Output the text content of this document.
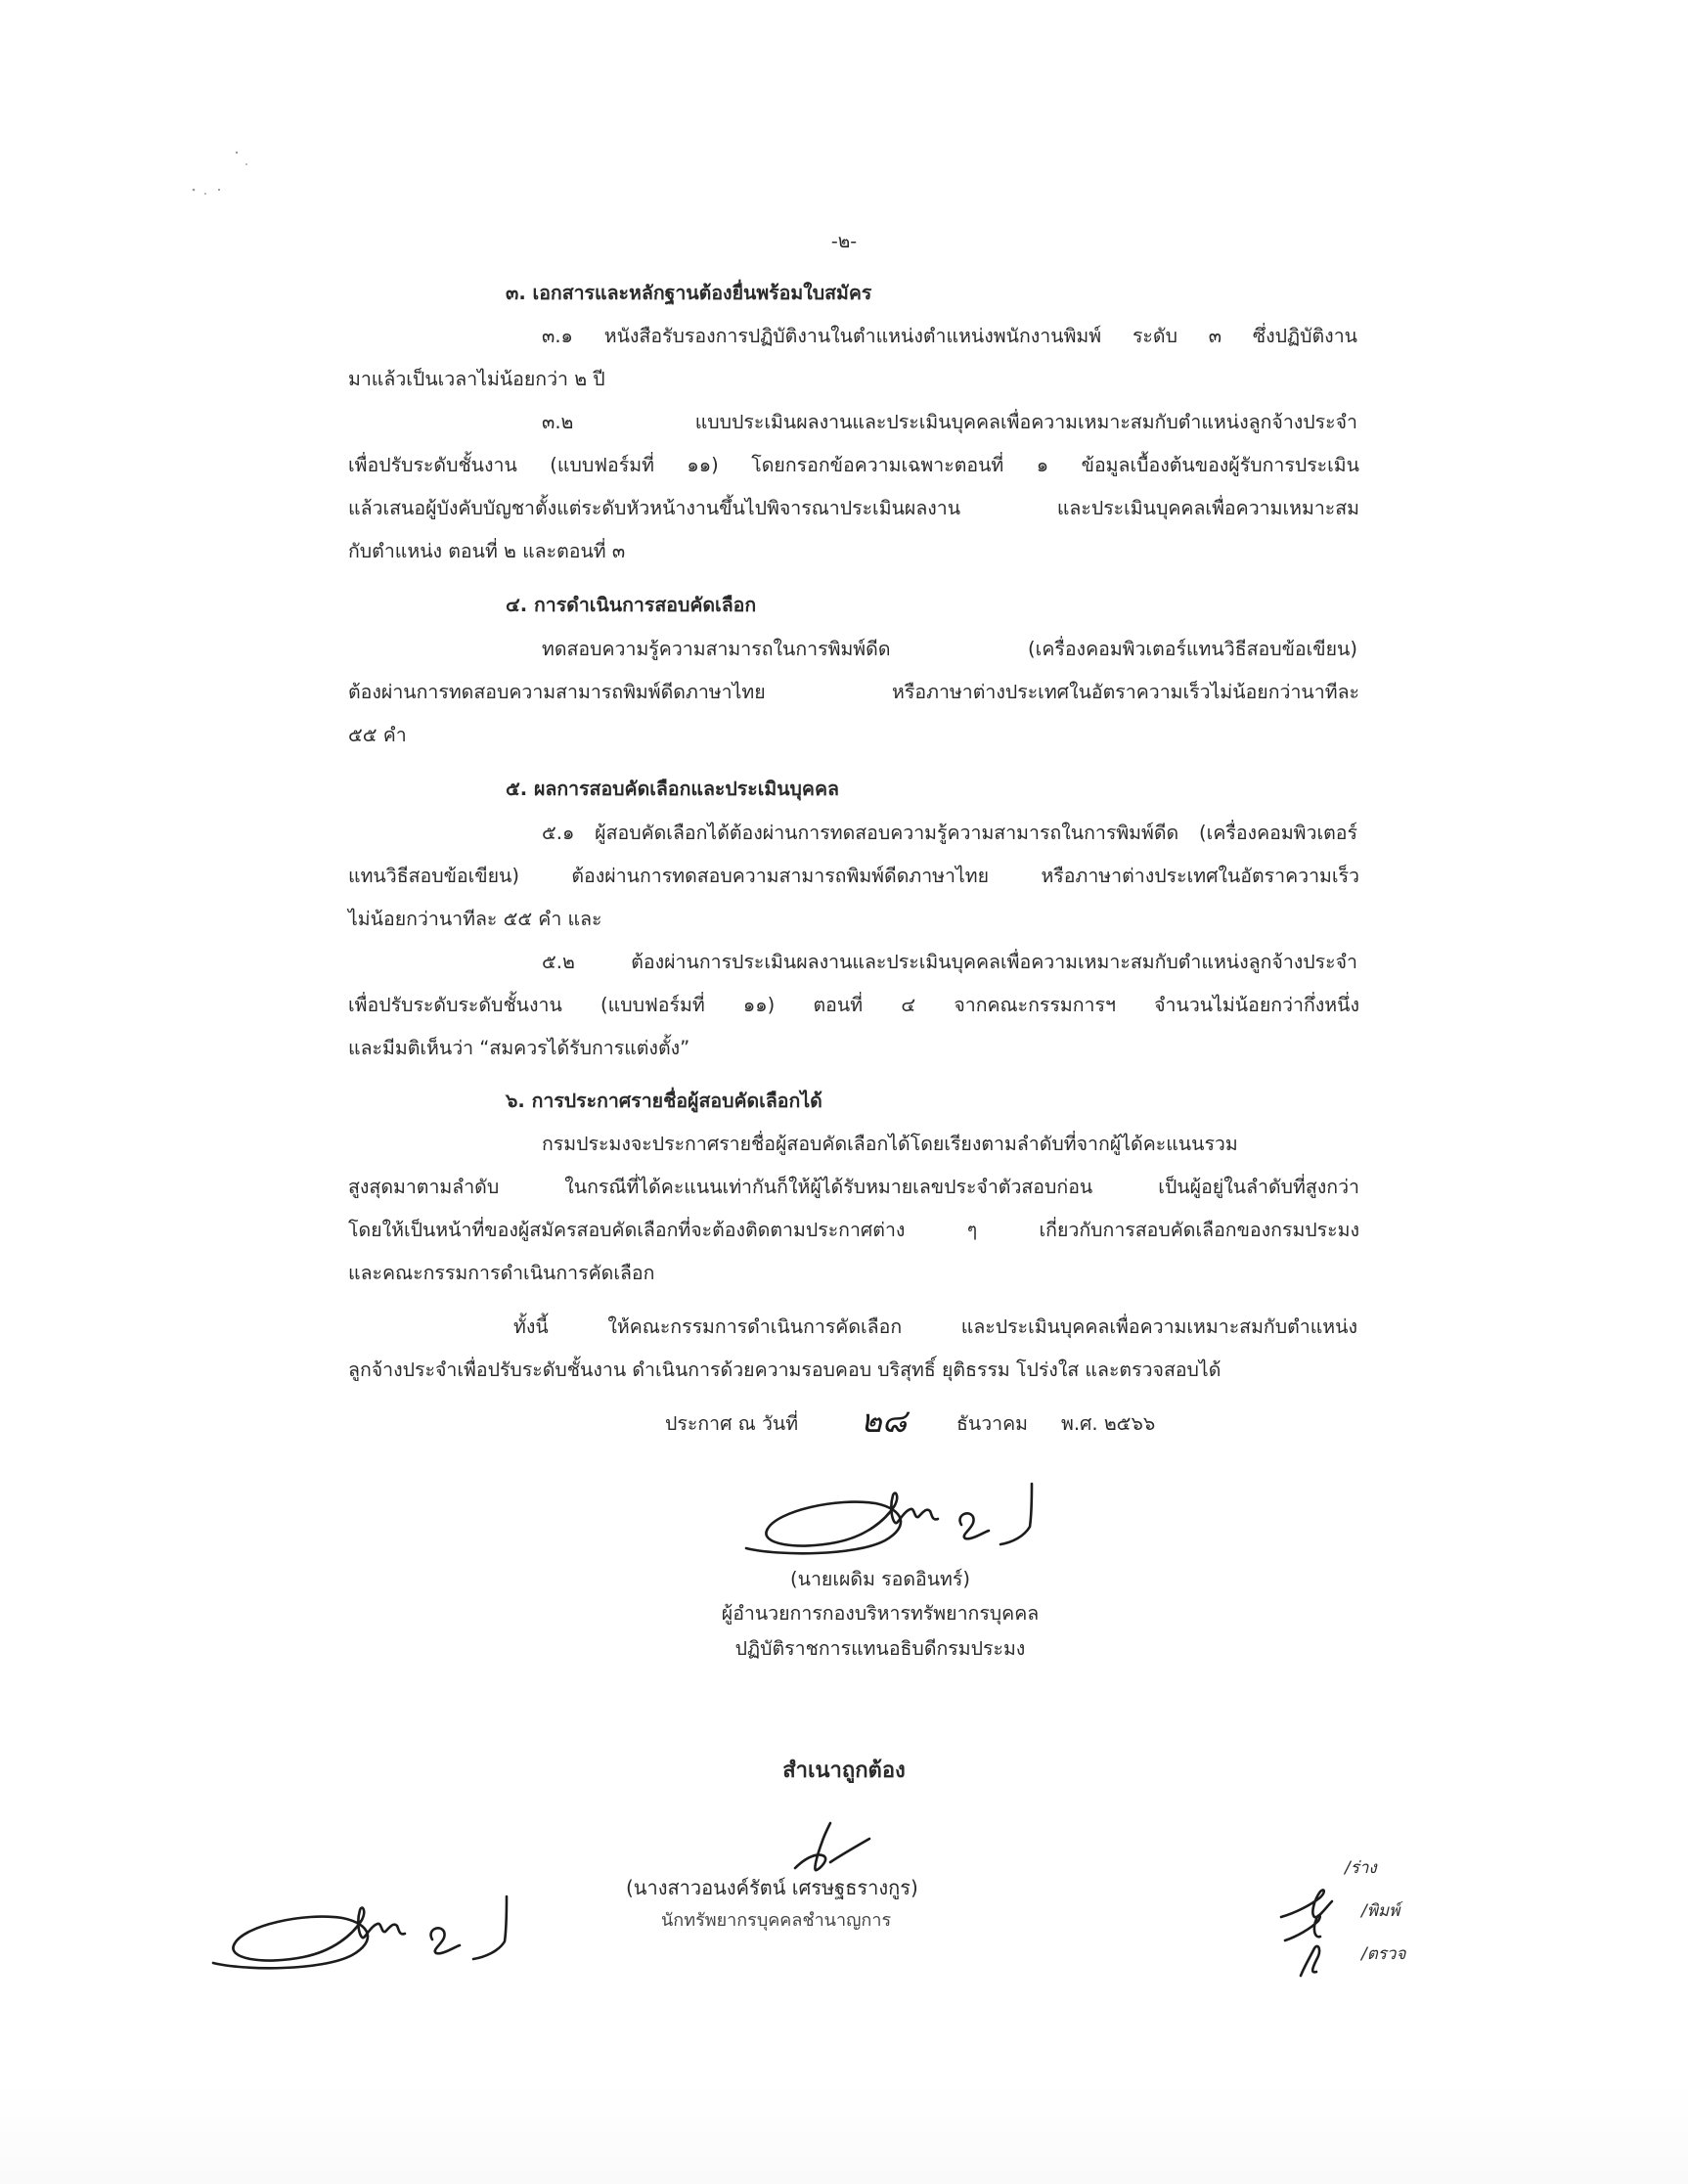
-๒-
๓. เอกสารและหลักฐานต้องยื่นพร้อมใบสมัคร
๓.๑ หนังสือรับรองการปฏิบัติงานในตำแหน่งตำแหน่งพนักงานพิมพ์ ระดับ ๓ ซึ่งปฏิบัติงาน
มาแล้วเป็นเวลาไม่น้อยกว่า ๒ ปี
๓.๒ แบบประเมินผลงานและประเมินบุคคลเพื่อความเหมาะสมกับตำแหน่งลูกจ้างประจำ
เพื่อปรับระดับชั้นงาน (แบบฟอร์มที่ ๑๑) โดยกรอกข้อความเฉพาะตอนที่ ๑ ข้อมูลเบื้องต้นของผู้รับการประเมิน
แล้วเสนอผู้บังคับบัญชาตั้งแต่ระดับหัวหน้างานขึ้นไปพิจารณาประเมินผลงาน และประเมินบุคคลเพื่อความเหมาะสม
กับตำแหน่ง ตอนที่ ๒ และตอนที่ ๓
๔. การดำเนินการสอบคัดเลือก
ทดสอบความรู้ความสามารถในการพิมพ์ดีด (เครื่องคอมพิวเตอร์แทนวิธีสอบข้อเขียน)
ต้องผ่านการทดสอบความสามารถพิมพ์ดีดภาษาไทย หรือภาษาต่างประเทศในอัตราความเร็วไม่น้อยกว่านาทีละ
๕๕ คำ
๕. ผลการสอบคัดเลือกและประเมินบุคคล
๕.๑ ผู้สอบคัดเลือกได้ต้องผ่านการทดสอบความรู้ความสามารถในการพิมพ์ดีด (เครื่องคอมพิวเตอร์
แทนวิธีสอบข้อเขียน) ต้องผ่านการทดสอบความสามารถพิมพ์ดีดภาษาไทย หรือภาษาต่างประเทศในอัตราความเร็ว
ไม่น้อยกว่านาทีละ ๕๕ คำ และ
๕.๒ ต้องผ่านการประเมินผลงานและประเมินบุคคลเพื่อความเหมาะสมกับตำแหน่งลูกจ้างประจำ
เพื่อปรับระดับระดับชั้นงาน (แบบฟอร์มที่ ๑๑) ตอนที่ ๔ จากคณะกรรมการฯ จำนวนไม่น้อยกว่ากึ่งหนึ่ง
และมีมติเห็นว่า “สมควรได้รับการแต่งตั้ง”
๖. การประกาศรายชื่อผู้สอบคัดเลือกได้
กรมประมงจะประกาศรายชื่อผู้สอบคัดเลือกได้โดยเรียงตามลำดับที่จากผู้ได้คะแนนรวม
สูงสุดมาตามลำดับ ในกรณีที่ได้คะแนนเท่ากันก็ให้ผู้ได้รับหมายเลขประจำตัวสอบก่อน เป็นผู้อยู่ในลำดับที่สูงกว่า
โดยให้เป็นหน้าที่ของผู้สมัครสอบคัดเลือกที่จะต้องติดตามประกาศต่าง ๆ เกี่ยวกับการสอบคัดเลือกของกรมประมง
และคณะกรรมการดำเนินการคัดเลือก
ทั้งนี้ ให้คณะกรรมการดำเนินการคัดเลือก และประเมินบุคคลเพื่อความเหมาะสมกับตำแหน่ง
ลูกจ้างประจำเพื่อปรับระดับชั้นงาน ดำเนินการด้วยความรอบคอบ บริสุทธิ์ ยุติธรรม โปร่งใส และตรวจสอบได้
ประกาศ ณ วันที่ ๒๘	ธันวาคม พ.ศ. ๒๕๖๖
(นายเผดิม รอดอินทร์)
ผู้อำนวยการกองบริหารทรัพยากรบุคคล
ปฏิบัติราชการแทนอธิบดีกรมประมง
สำเนาถูกต้อง
(นางสาวอนงค์รัตน์ เศรษฐธรางกูร)
นักทรัพยากรบุคคลชำนาญการ
/ร่าง
/พิมพ์
/ตรวจ
